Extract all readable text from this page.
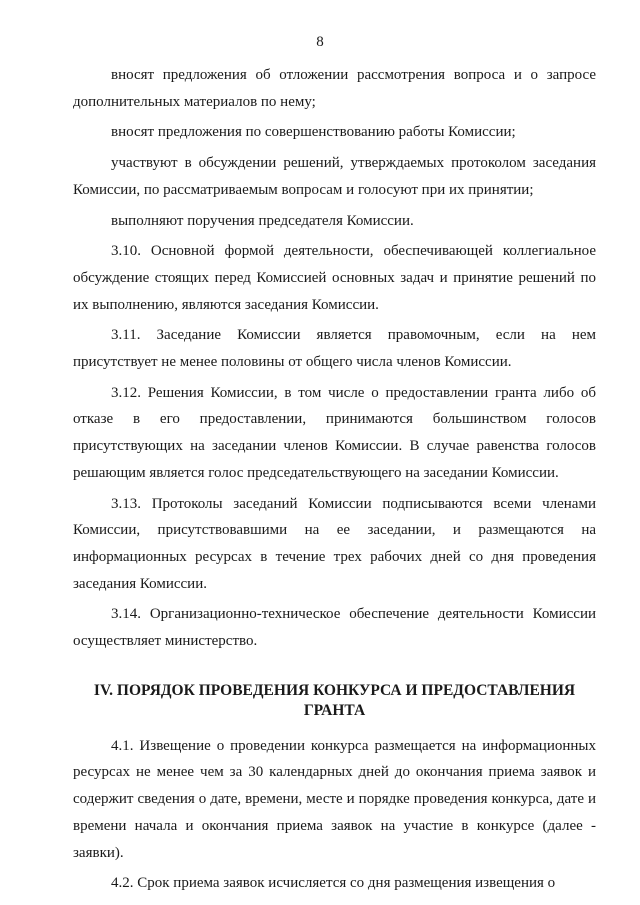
8

вносят предложения об отложении рассмотрения вопроса и о запросе дополнительных материалов по нему;

вносят предложения по совершенствованию работы Комиссии;

участвуют в обсуждении решений, утверждаемых протоколом заседания Комиссии, по рассматриваемым вопросам и голосуют при их принятии;

выполняют поручения председателя Комиссии.

3.10. Основной формой деятельности, обеспечивающей коллегиальное обсуждение стоящих перед Комиссией основных задач и принятие решений по их выполнению, являются заседания Комиссии.

3.11. Заседание Комиссии является правомочным, если на нем присутствует не менее половины от общего числа членов Комиссии.

3.12. Решения Комиссии, в том числе о предоставлении гранта либо об отказе в его предоставлении, принимаются большинством голосов присутствующих на заседании членов Комиссии. В случае равенства голосов решающим является голос председательствующего на заседании Комиссии.

3.13. Протоколы заседаний Комиссии подписываются всеми членами Комиссии, присутствовавшими на ее заседании, и размещаются на информационных ресурсах в течение трех рабочих дней со дня проведения заседания Комиссии.

3.14. Организационно-техническое обеспечение деятельности Комиссии осуществляет министерство.

IV. ПОРЯДОК ПРОВЕДЕНИЯ КОНКУРСА И ПРЕДОСТАВЛЕНИЯ ГРАНТА

4.1. Извещение о проведении конкурса размещается на информационных ресурсах не менее чем за 30 календарных дней до окончания приема заявок и содержит сведения о дате, времени, месте и порядке проведения конкурса, дате и времени начала и окончания приема заявок на участие в конкурсе (далее - заявки).

4.2. Срок приема заявок исчисляется со дня размещения извещения о
